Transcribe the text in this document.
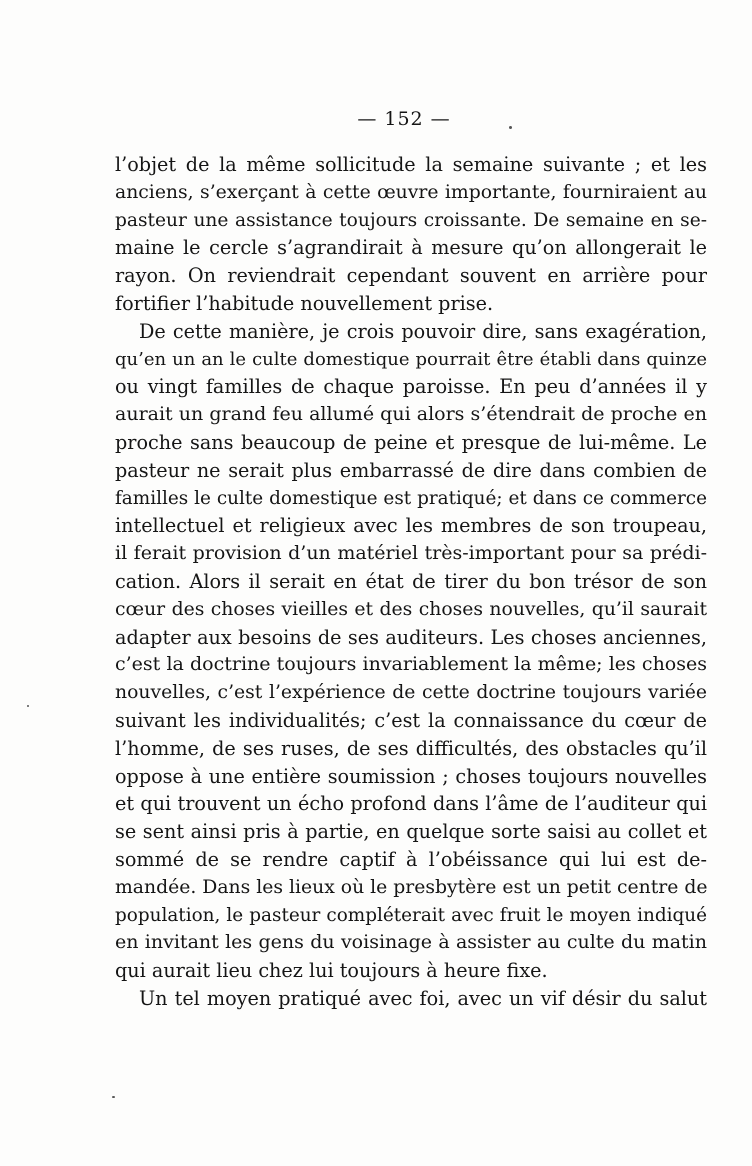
— 152 —
l’objet de la même sollicitude la semaine suivante ; et les
anciens, s’exerçant à cette œuvre importante, fourniraient au
pasteur une assistance toujours croissante. De semaine en se-
maine le cercle s’agrandirait à mesure qu’on allongerait le
rayon. On reviendrait cependant souvent en arrière pour
fortifier l’habitude nouvellement prise.
De cette manière, je crois pouvoir dire, sans exagération,
qu’en un an le culte domestique pourrait être établi dans quinze
ou vingt familles de chaque paroisse. En peu d’années il y
aurait un grand feu allumé qui alors s’étendrait de proche en
proche sans beaucoup de peine et presque de lui-même. Le
pasteur ne serait plus embarrassé de dire dans combien de
familles le culte domestique est pratiqué; et dans ce commerce
intellectuel et religieux avec les membres de son troupeau,
il ferait provision d’un matériel très-important pour sa prédi-
cation. Alors il serait en état de tirer du bon trésor de son
cœur des choses vieilles et des choses nouvelles, qu’il saurait
adapter aux besoins de ses auditeurs. Les choses anciennes,
c’est la doctrine toujours invariablement la même; les choses
nouvelles, c’est l’expérience de cette doctrine toujours variée
suivant les individualités; c’est la connaissance du cœur de
l’homme, de ses ruses, de ses difficultés, des obstacles qu’il
oppose à une entière soumission ; choses toujours nouvelles
et qui trouvent un écho profond dans l’âme de l’auditeur qui
se sent ainsi pris à partie, en quelque sorte saisi au collet et
sommé de se rendre captif à l’obéissance qui lui est de-
mandée. Dans les lieux où le presbytère est un petit centre de
population, le pasteur compléterait avec fruit le moyen indiqué
en invitant les gens du voisinage à assister au culte du matin
qui aurait lieu chez lui toujours à heure fixe.
Un tel moyen pratiqué avec foi, avec un vif désir du salut
